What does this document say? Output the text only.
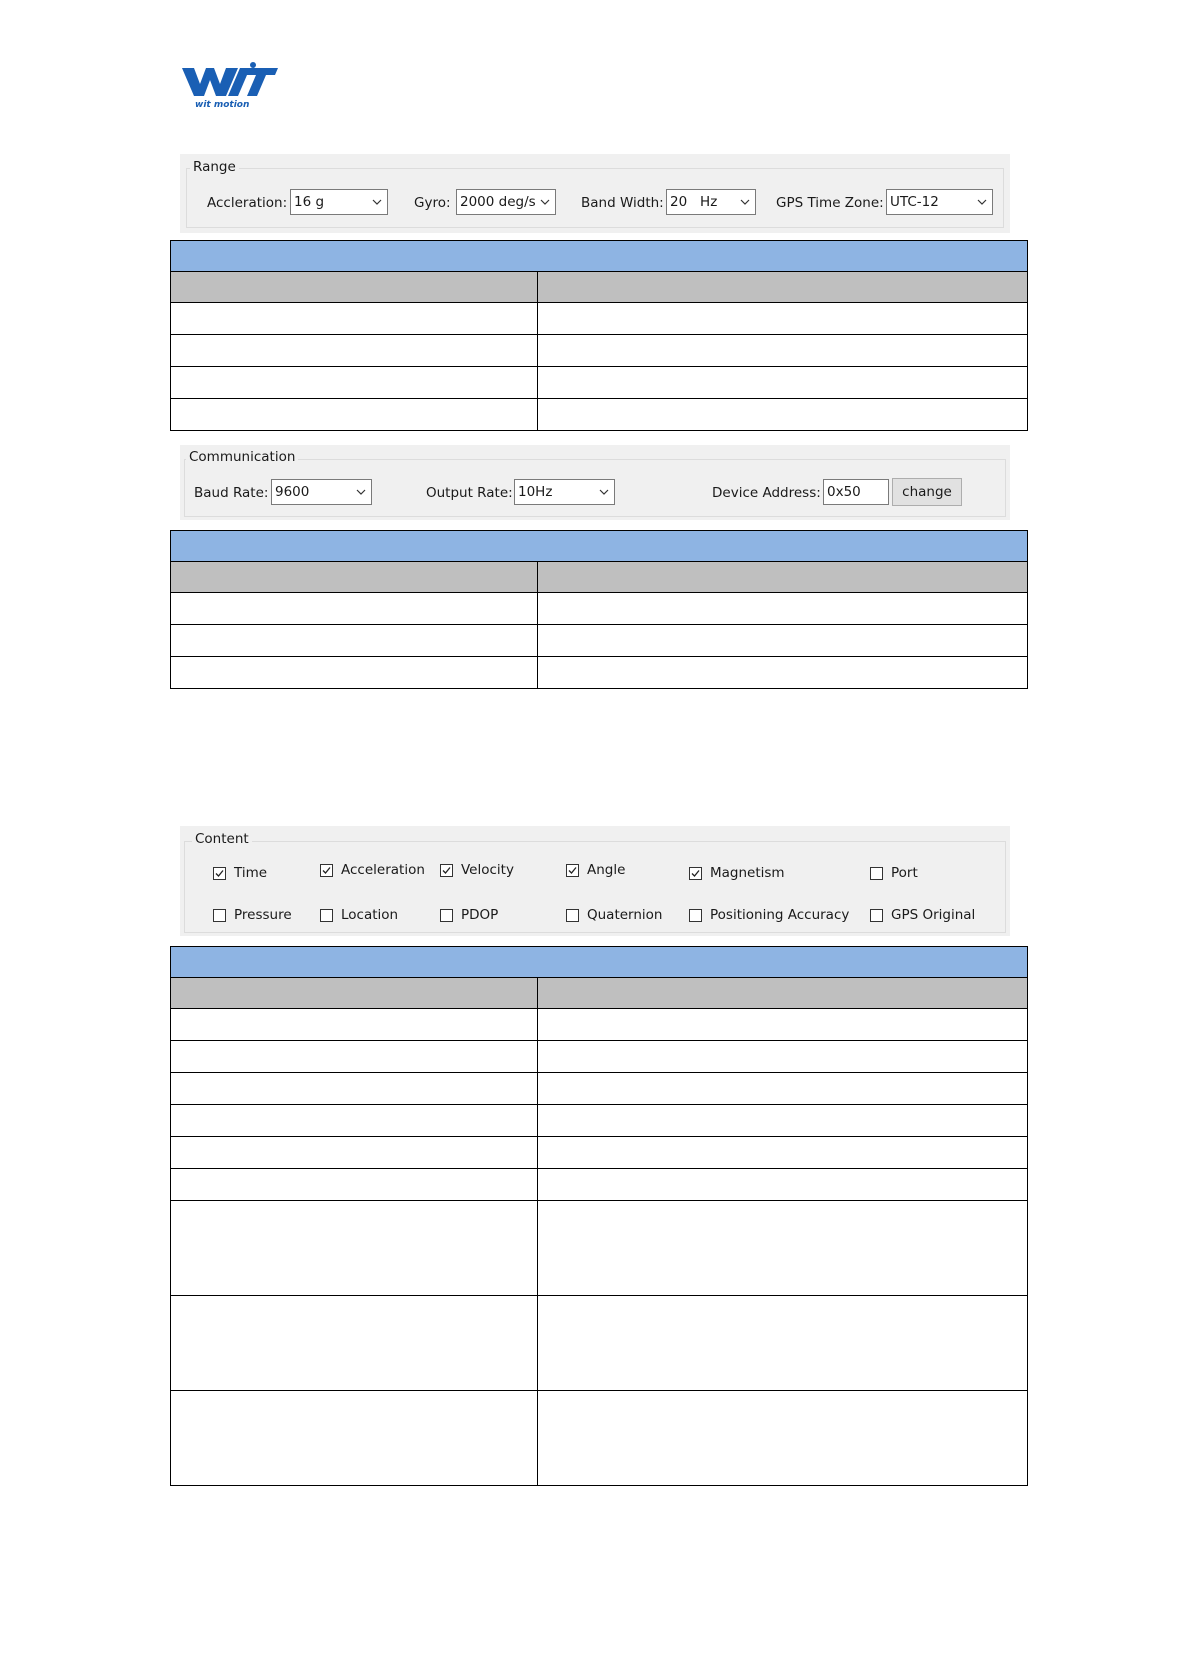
wit motion
Range
Accleration: 16 g	Gyro: 2000 deg/s	Band Width: 20   Hz	GPS Time Zone: UTC-12

Communication
Baud Rate: 9600	Output Rate: 10Hz	Device Address: 0x50	change

Content
Time	Acceleration	Velocity	Angle	Magnetism	Port
Pressure	Location	PDOP	Quaternion	Positioning Accuracy	GPS Original
